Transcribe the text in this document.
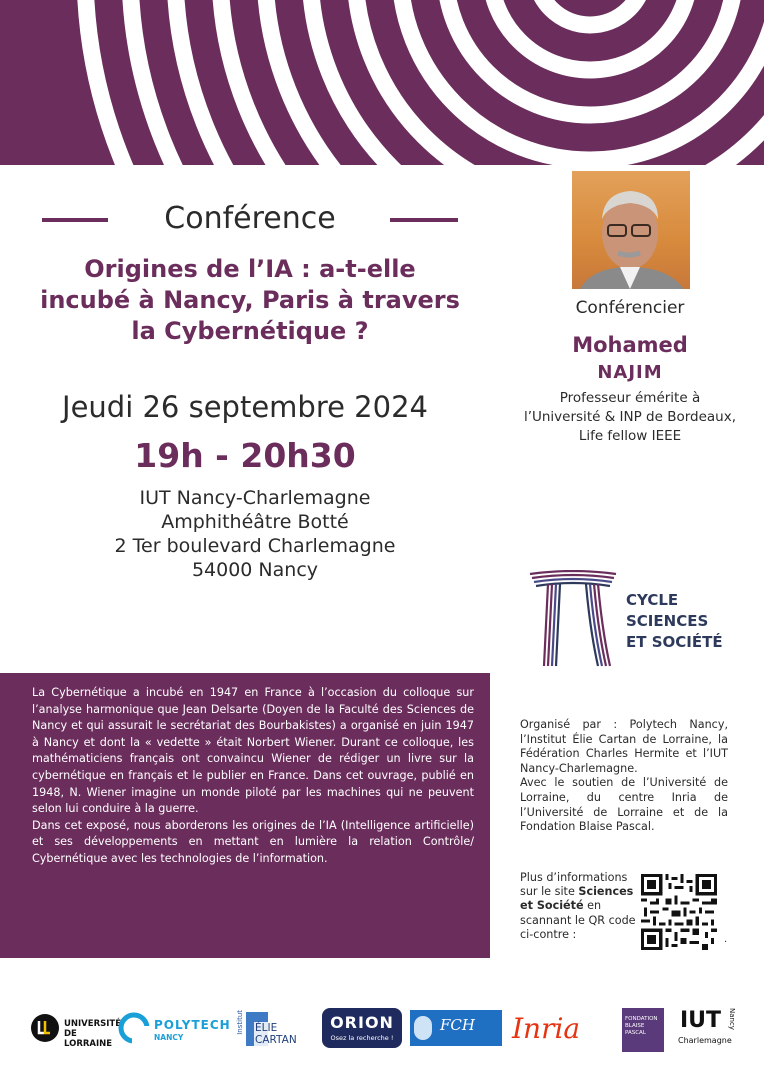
Conférence
Origines de l’IA : a-t-elle incubé à Nancy, Paris à travers la Cybernétique ?
Jeudi 26 septembre 2024
19h - 20h30
IUT Nancy-Charlemagne
Amphithéâtre Botté
2 Ter boulevard Charlemagne
54000 Nancy
Conférencier
Mohamed
NAJIM
Professeur émérite à l’Université & INP de Bordeaux, Life fellow IEEE
CYCLE
SCIENCES
ET SOCIÉTÉ

La Cybernétique a incubé en 1947 en France à l’occasion du colloque sur l’analyse harmonique que Jean Delsarte (Doyen de la Faculté des Sciences de Nancy et qui assurait le secrétariat des Bourbakistes) a organisé en juin 1947 à Nancy et dont la « vedette » était Norbert Wiener. Durant ce colloque, les mathématiciens français ont convaincu Wiener de rédiger un livre sur la cybernétique en français et le publier en France. Dans cet ouvrage, publié en 1948, N. Wiener imagine un monde piloté par les machines qui ne peuvent selon lui conduire à la guerre.
Dans cet exposé, nous aborderons les origines de l’IA (Intelligence artificielle) et ses développements en mettant en lumière la relation Contrôle/ Cybernétique avec les technologies de l’information.

Organisé par : Polytech Nancy, l’Institut Élie Cartan de Lorraine, la Fédération Charles Hermite et l’IUT Nancy-Charlemagne.
Avec le soutien de l’Université de Lorraine, du centre Inria de l’Université de Lorraine et de la Fondation Blaise Pascal.
Plus d’informations sur le site Sciences et Société en scannant le QR code ci-contre :	.
UNIVERSITÉ
DE LORRAINE
POLYTECH
NANCY
Institut ÉLIE CARTAN
ORION
Osez la recherche !
FCH Inria	FONDATION BLAISE PASCAL	IUT Nancy
Charlemagne
